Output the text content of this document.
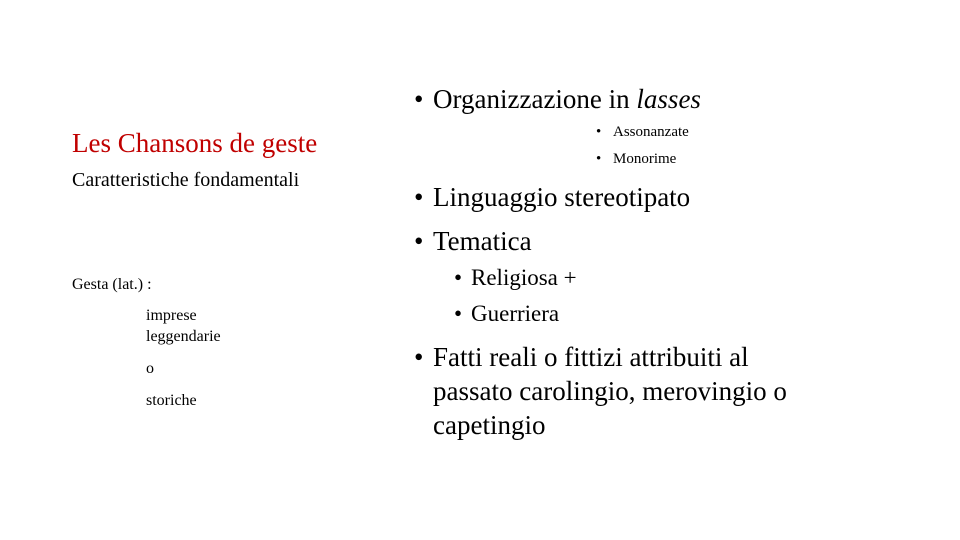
Les Chansons de geste
Caratteristiche fondamentali
Gesta (lat.) :
imprese
leggendarie
o
storiche
• Organizzazione in lasses
• Assonanzate
• Monorime
• Linguaggio stereotipato
• Tematica
• Religiosa +
• Guerriera
• Fatti reali o fittizi attribuiti al
passato carolingio, merovingio o
capetingio
